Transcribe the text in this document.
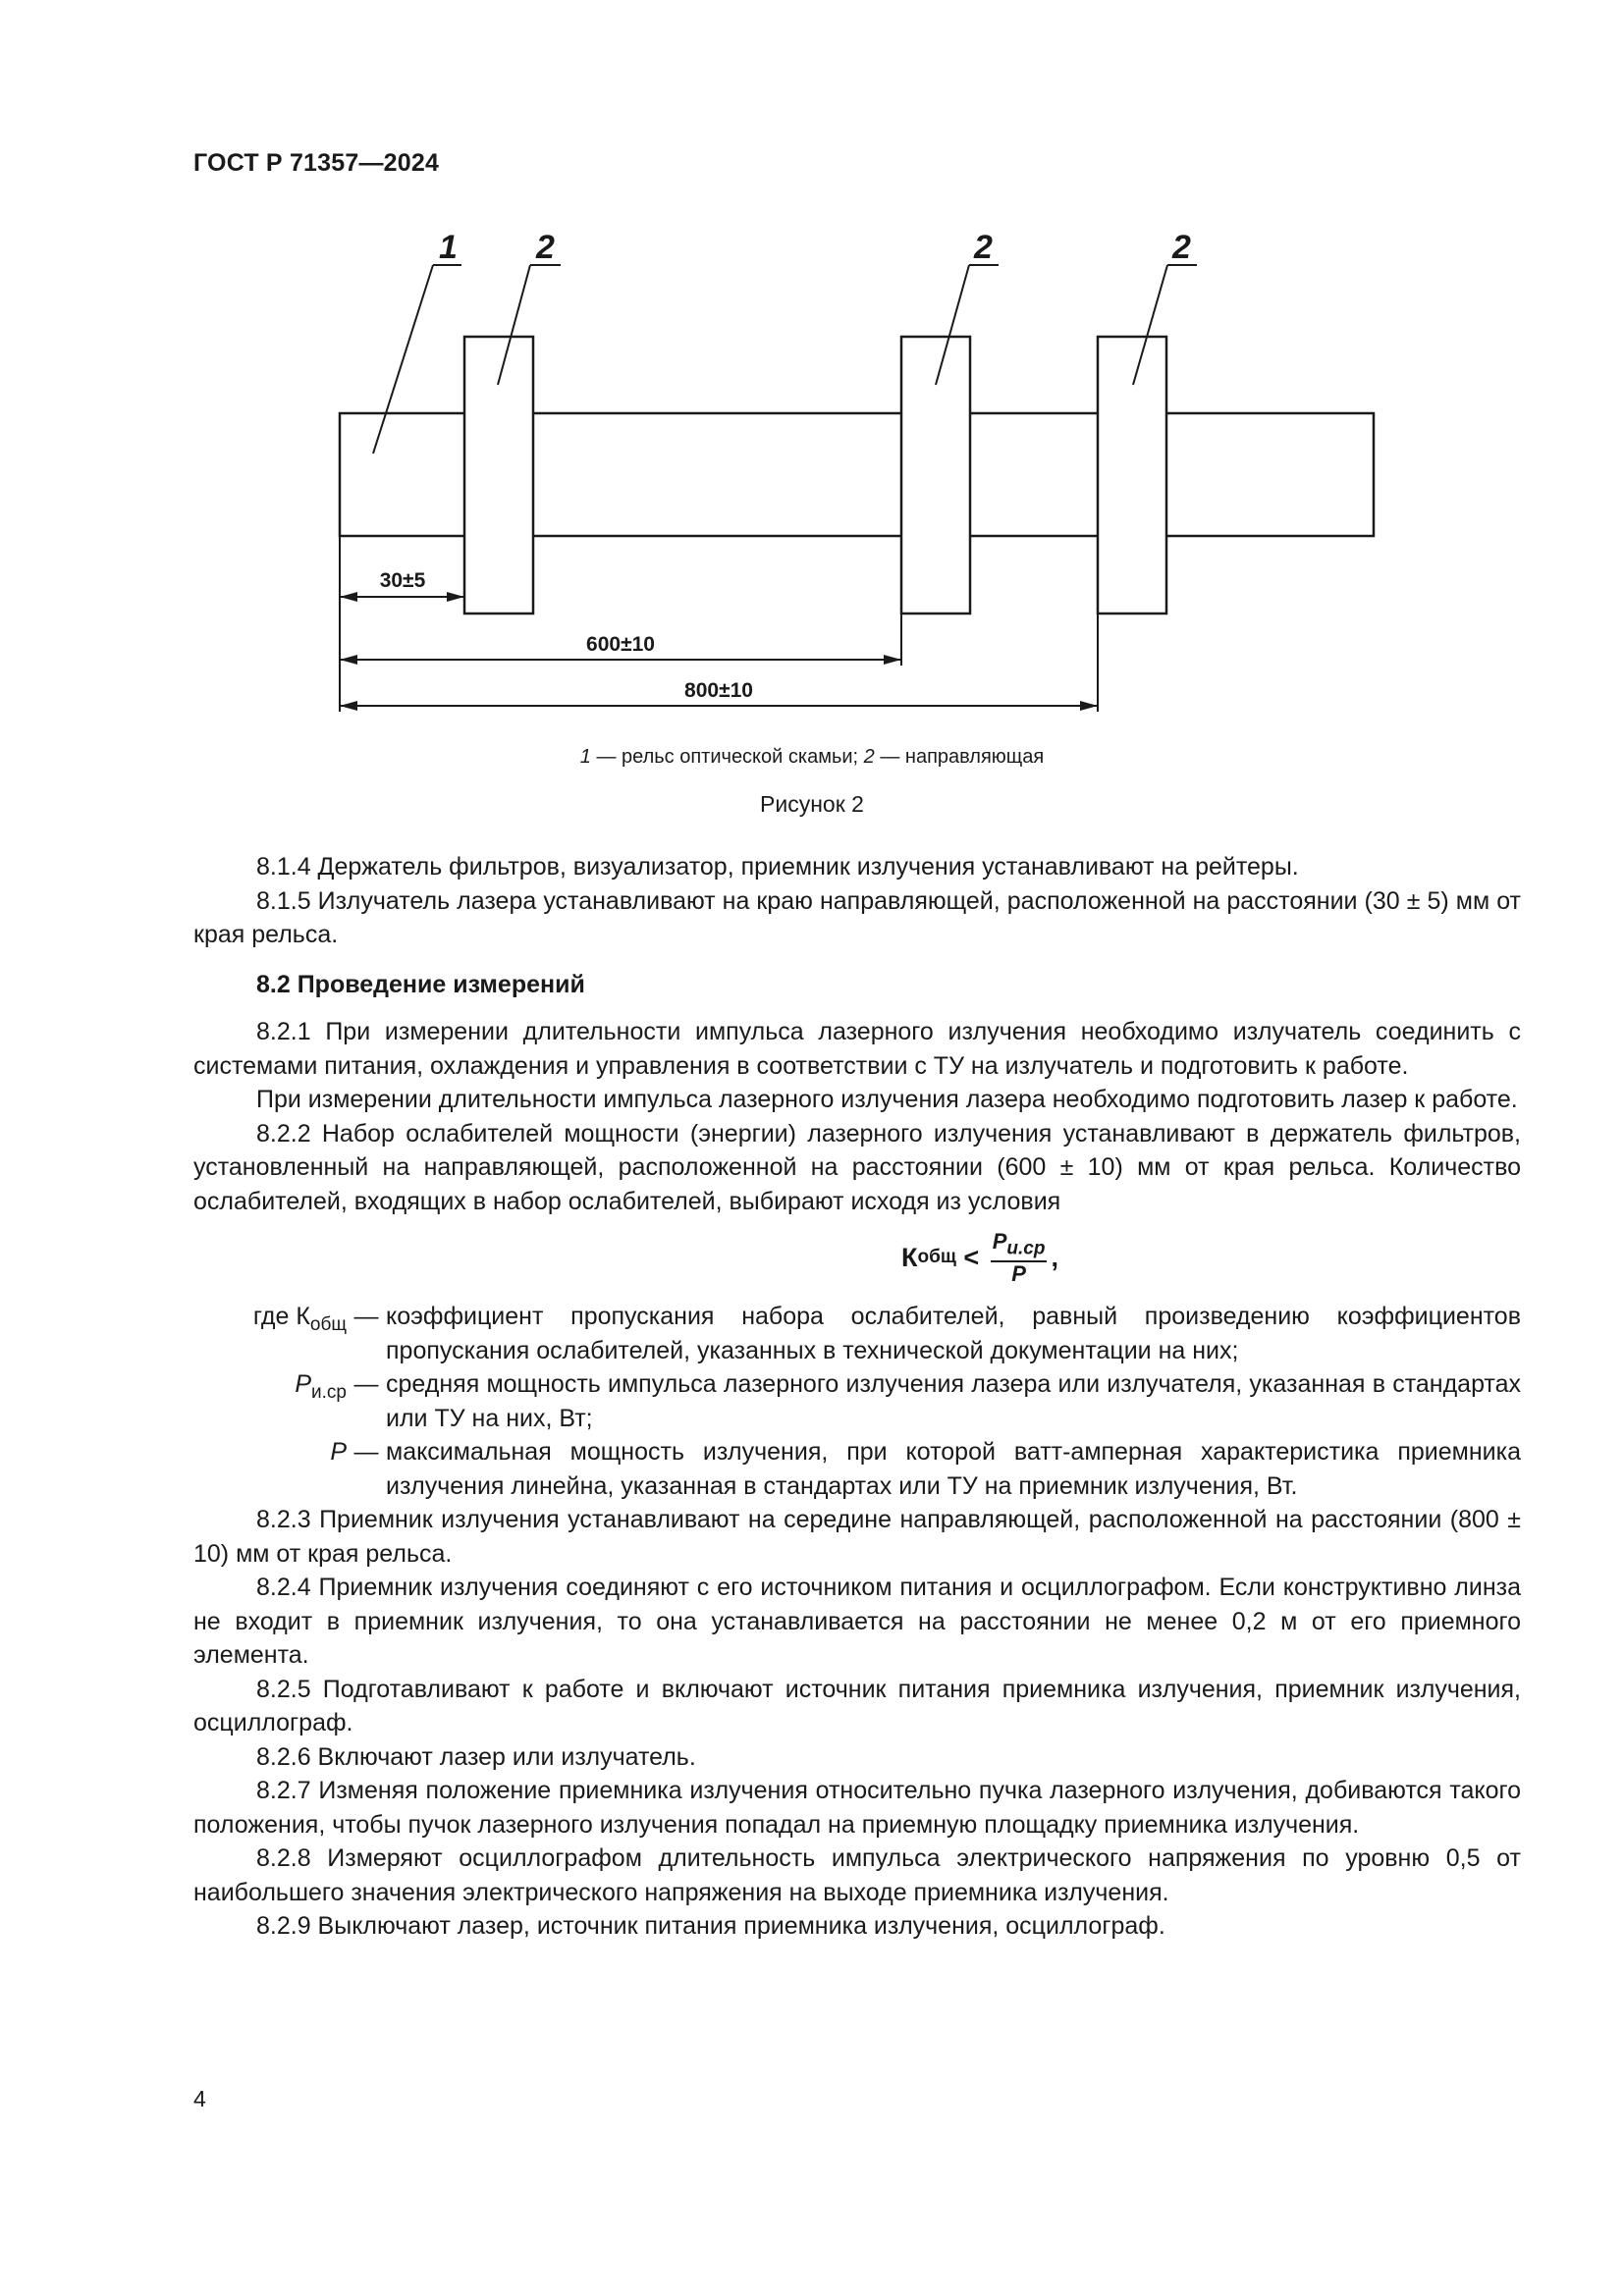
ГОСТ Р 71357—2024
1 2	2	2
30±5
600±10
800±10
1 — рельс оптической скамьи; 2 — направляющая
Рисунок 2

8.1.4 Держатель фильтров, визуализатор, приемник излучения устанавливают на рейтеры.

8.1.5 Излучатель лазера устанавливают на краю направляющей, расположенной на расстоянии (30 ± 5) мм от края рельса.

8.2 Проведение измерений

8.2.1 При измерении длительности импульса лазерного излучения необходимо излучатель соединить с системами питания, охлаждения и управления в соответствии с ТУ на излучатель и подготовить к работе.

При измерении длительности импульса лазерного излучения лазера необходимо подготовить лазер к работе.

8.2.2 Набор ослабителей мощности (энергии) лазерного излучения устанавливают в держатель фильтров, установленный на направляющей, расположенной на расстоянии (600 ± 10) мм от края рельса. Количество ослабителей, входящих в набор ослабителей, выбирают исходя из условия

К общ < $\frac{P_{и.ср}}{P}$ ,
где $К_{общ}$ — коэффициент пропускания набора ослабителей, равный произведению коэффициентов пропускания ослабителей, указанных в технической документации на них;
$P_{и.ср}$ — средняя мощность импульса лазерного излучения лазера или излучателя, указанная в стандартах или ТУ на них, Вт;
P — максимальная мощность излучения, при которой ватт-амперная характеристика приемника излучения линейна, указанная в стандартах или ТУ на приемник излучения, Вт.

8.2.3 Приемник излучения устанавливают на середине направляющей, расположенной на расстоянии (800 ± 10) мм от края рельса.

8.2.4 Приемник излучения соединяют с его источником питания и осциллографом. Если конструктивно линза не входит в приемник излучения, то она устанавливается на расстоянии не менее 0,2 м от его приемного элемента.

8.2.5 Подготавливают к работе и включают источник питания приемника излучения, приемник излучения, осциллограф.

8.2.6 Включают лазер или излучатель.

8.2.7 Изменяя положение приемника излучения относительно пучка лазерного излучения, добиваются такого положения, чтобы пучок лазерного излучения попадал на приемную площадку приемника излучения.

8.2.8 Измеряют осциллографом длительность импульса электрического напряжения по уровню 0,5 от наибольшего значения электрического напряжения на выходе приемника излучения.

8.2.9 Выключают лазер, источник питания приемника излучения, осциллограф.

4
